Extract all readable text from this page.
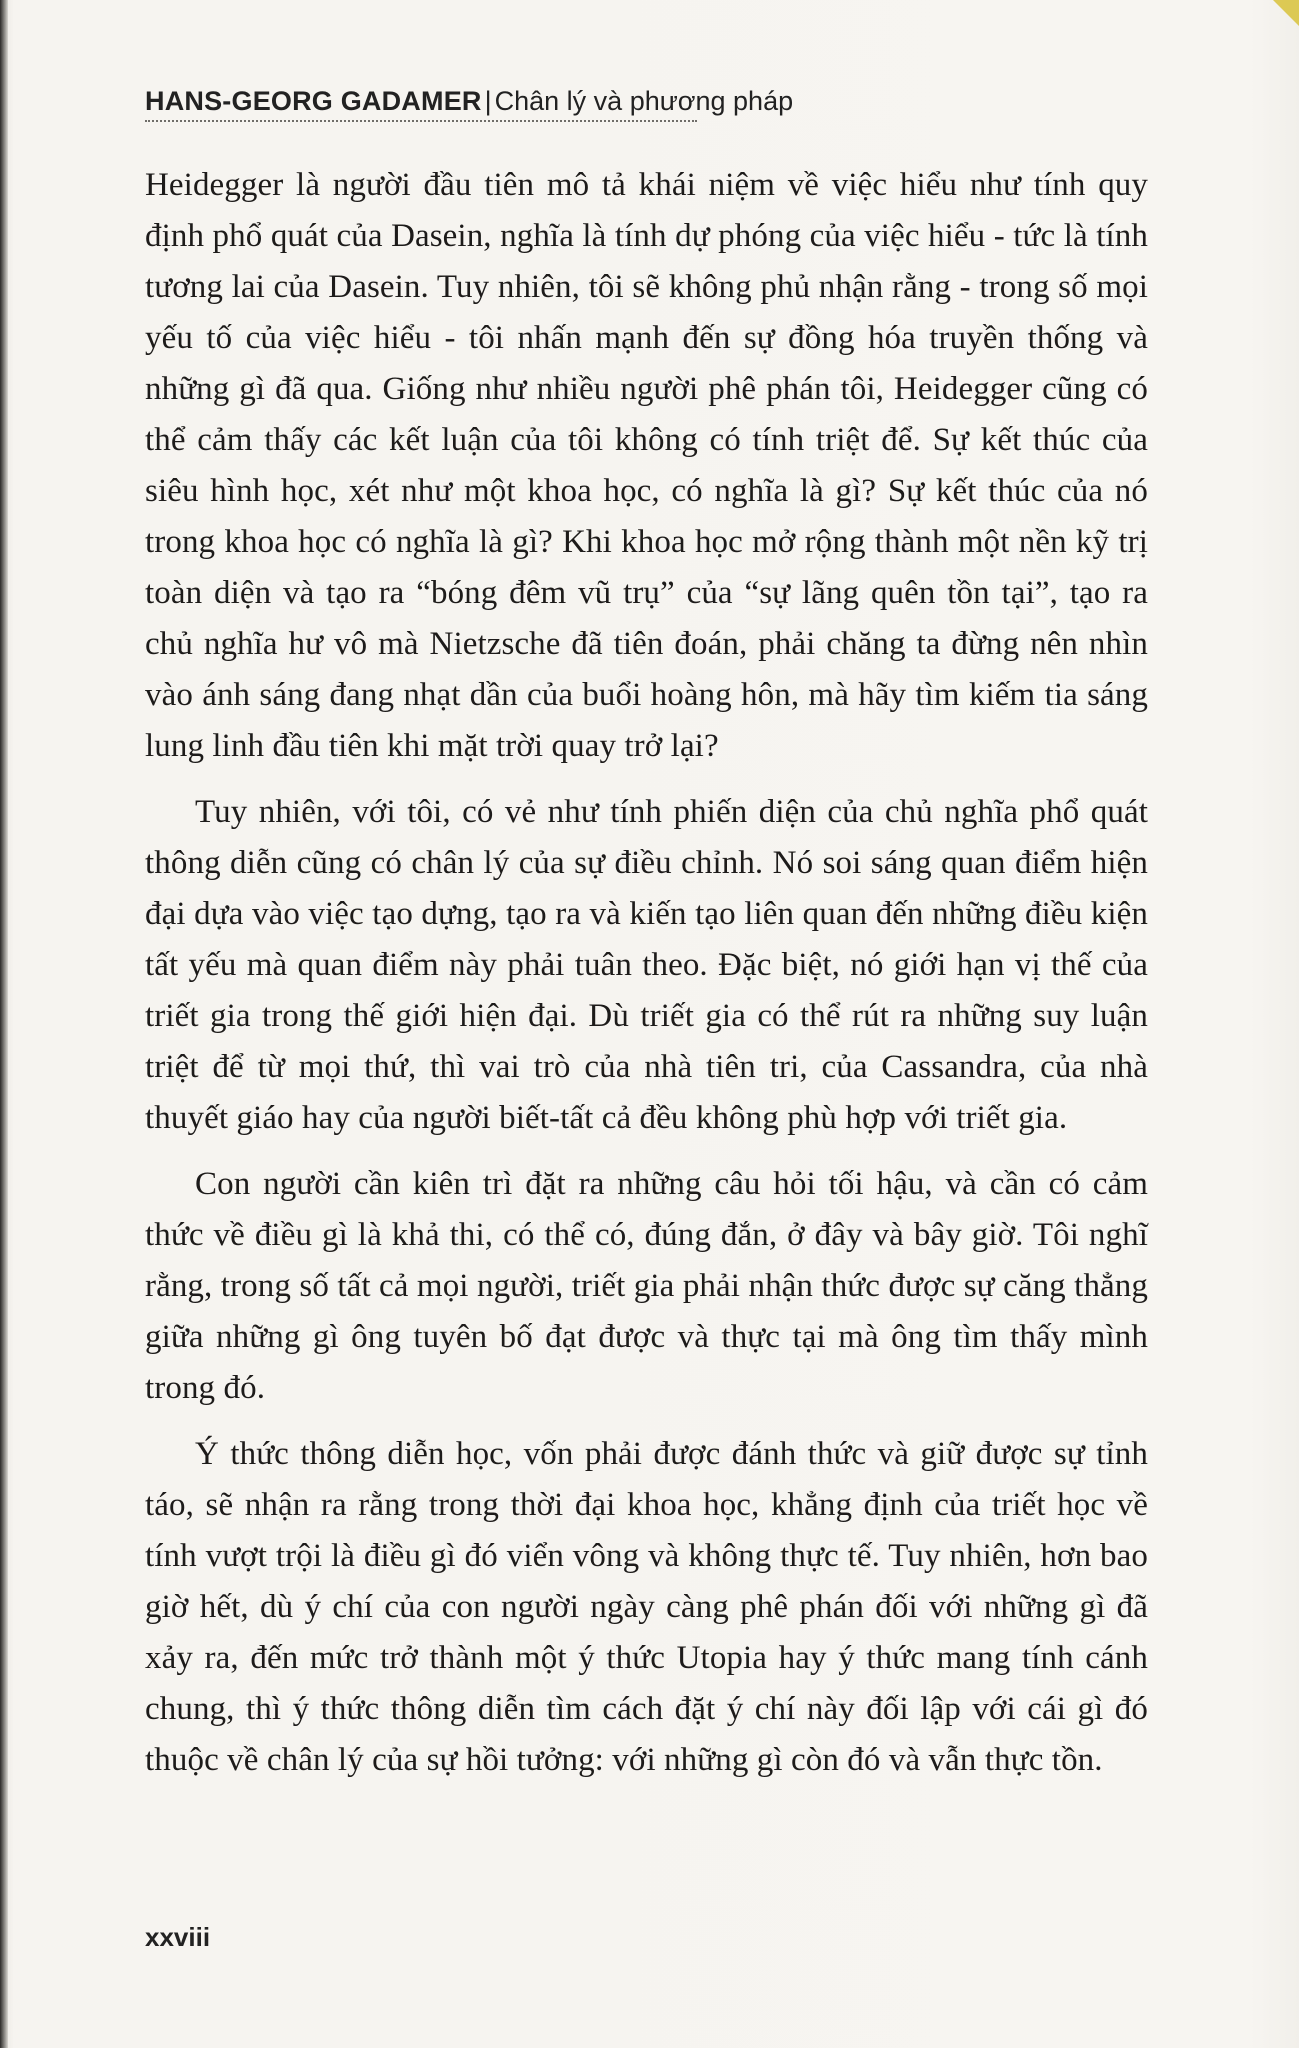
HANS-GEORG GADAMER | Chân lý và phương pháp

Heidegger là người đầu tiên mô tả khái niệm về việc hiểu như tính quy định phổ quát của Dasein, nghĩa là tính dự phóng của việc hiểu - tức là tính tương lai của Dasein. Tuy nhiên, tôi sẽ không phủ nhận rằng - trong số mọi yếu tố của việc hiểu - tôi nhấn mạnh đến sự đồng hóa truyền thống và những gì đã qua. Giống như nhiều người phê phán tôi, Heidegger cũng có thể cảm thấy các kết luận của tôi không có tính triệt để. Sự kết thúc của siêu hình học, xét như một khoa học, có nghĩa là gì? Sự kết thúc của nó trong khoa học có nghĩa là gì? Khi khoa học mở rộng thành một nền kỹ trị toàn diện và tạo ra “bóng đêm vũ trụ” của “sự lãng quên tồn tại”, tạo ra chủ nghĩa hư vô mà Nietzsche đã tiên đoán, phải chăng ta đừng nên nhìn vào ánh sáng đang nhạt dần của buổi hoàng hôn, mà hãy tìm kiếm tia sáng lung linh đầu tiên khi mặt trời quay trở lại?

Tuy nhiên, với tôi, có vẻ như tính phiến diện của chủ nghĩa phổ quát thông diễn cũng có chân lý của sự điều chỉnh. Nó soi sáng quan điểm hiện đại dựa vào việc tạo dựng, tạo ra và kiến tạo liên quan đến những điều kiện tất yếu mà quan điểm này phải tuân theo. Đặc biệt, nó giới hạn vị thế của triết gia trong thế giới hiện đại. Dù triết gia có thể rút ra những suy luận triệt để từ mọi thứ, thì vai trò của nhà tiên tri, của Cassandra, của nhà thuyết giáo hay của người biết-tất cả đều không phù hợp với triết gia.

Con người cần kiên trì đặt ra những câu hỏi tối hậu, và cần có cảm thức về điều gì là khả thi, có thể có, đúng đắn, ở đây và bây giờ. Tôi nghĩ rằng, trong số tất cả mọi người, triết gia phải nhận thức được sự căng thẳng giữa những gì ông tuyên bố đạt được và thực tại mà ông tìm thấy mình trong đó.

Ý thức thông diễn học, vốn phải được đánh thức và giữ được sự tỉnh táo, sẽ nhận ra rằng trong thời đại khoa học, khẳng định của triết học về tính vượt trội là điều gì đó viển vông và không thực tế. Tuy nhiên, hơn bao giờ hết, dù ý chí của con người ngày càng phê phán đối với những gì đã xảy ra, đến mức trở thành một ý thức Utopia hay ý thức mang tính cánh chung, thì ý thức thông diễn tìm cách đặt ý chí này đối lập với cái gì đó thuộc về chân lý của sự hồi tưởng: với những gì còn đó và vẫn thực tồn.

xxviii
